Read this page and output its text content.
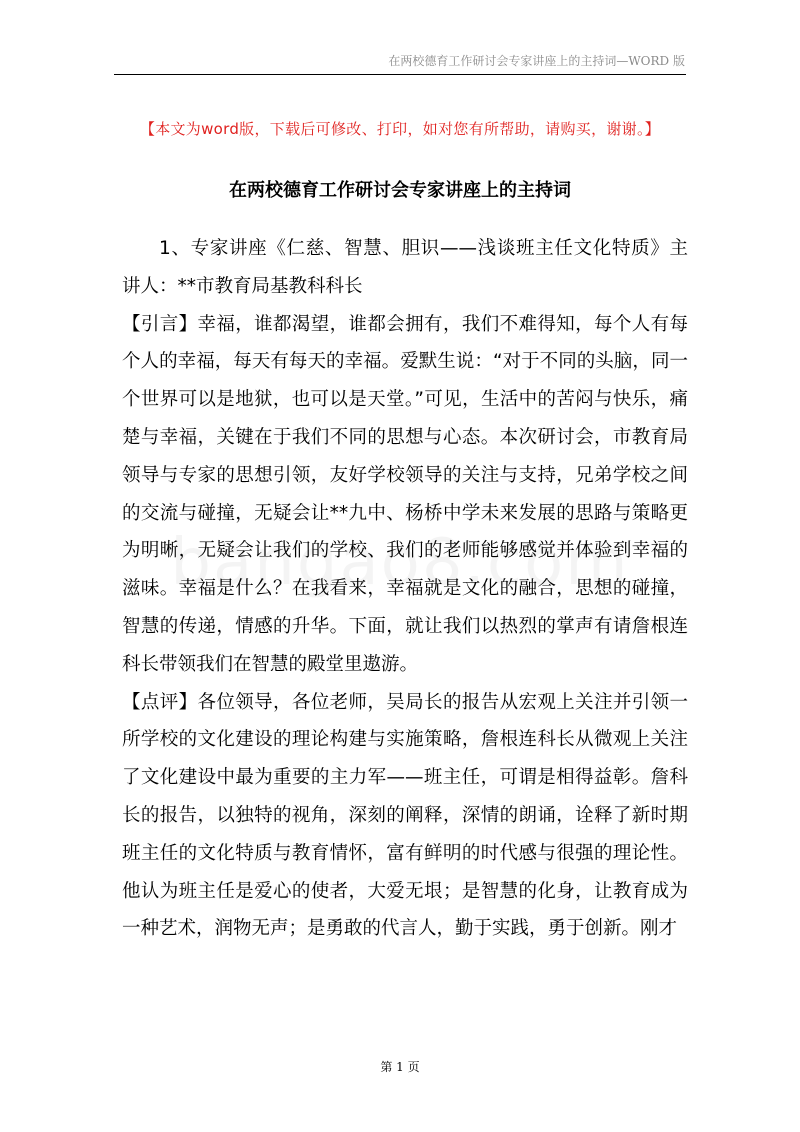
在两校德育工作研讨会专家讲座上的主持词—WORD 版
【本文为word版，下载后可修改、打印，如对您有所帮助，请购买，谢谢。】
在两校德育工作研讨会专家讲座上的主持词

1、专家讲座《仁慈、智慧、胆识——浅谈班主任文化特质》主讲人：**市教育局基教科科长

【引言】幸福，谁都渴望，谁都会拥有，我们不难得知，每个人有每个人的幸福，每天有每天的幸福。爱默生说：“对于不同的头脑，同一个世界可以是地狱，也可以是天堂。”可见，生活中的苦闷与快乐，痛楚与幸福，关键在于我们不同的思想与心态。本次研讨会，市教育局领导与专家的思想引领，友好学校领导的关注与支持，兄弟学校之间的交流与碰撞，无疑会让**九中、杨桥中学未来发展的思路与策略更为明晰，无疑会让我们的学校、我们的老师能够感觉并体验到幸福的滋味。幸福是什么？在我看来，幸福就是文化的融合，思想的碰撞，智慧的传递，情感的升华。下面，就让我们以热烈的掌声有请詹根连科长带领我们在智慧的殿堂里遨游。

【点评】各位领导，各位老师，吴局长的报告从宏观上关注并引领一所学校的文化建设的理论构建与实施策略，詹根连科长从微观上关注了文化建设中最为重要的主力军——班主任，可谓是相得益彰。詹科长的报告，以独特的视角，深刻的阐释，深情的朗诵，诠释了新时期班主任的文化特质与教育情怀，富有鲜明的时代感与很强的理论性。他认为班主任是爱心的使者，大爱无垠；是智慧的化身，让教育成为一种艺术，润物无声；是勇敢的代言人，勤于实践，勇于创新。刚才

第 1 页
